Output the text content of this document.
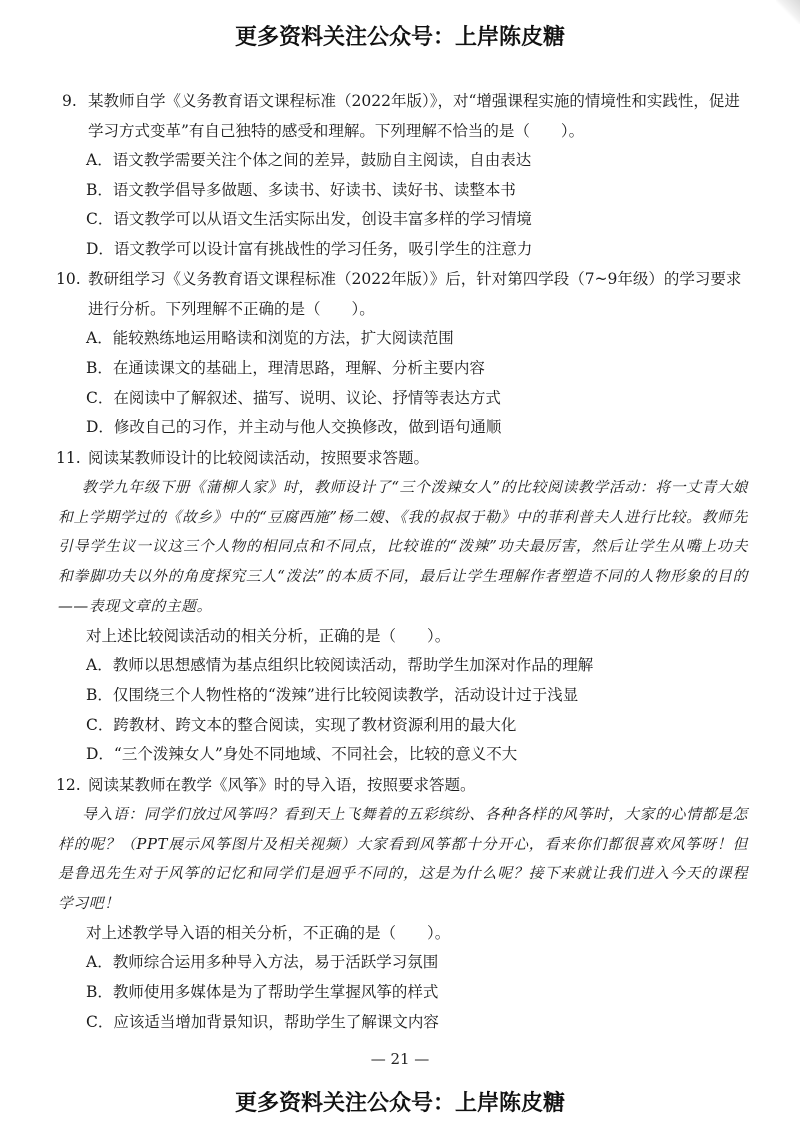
更多资料关注公众号：上岸陈皮糖
9. 某教师自学《义务教育语文课程标准（2022年版）》，对“增强课程实施的情境性和实践性，促进学习方式变革”有自己独特的感受和理解。下列理解不恰当的是（　　）。
A．语文教学需要关注个体之间的差异，鼓励自主阅读，自由表达
B．语文教学倡导多做题、多读书、好读书、读好书、读整本书
C．语文教学可以从语文生活实际出发，创设丰富多样的学习情境
D．语文教学可以设计富有挑战性的学习任务，吸引学生的注意力
10. 教研组学习《义务教育语文课程标准（2022年版）》后，针对第四学段（7~9年级）的学习要求进行分析。下列理解不正确的是（　　）。
A．能较熟练地运用略读和浏览的方法，扩大阅读范围
B．在通读课文的基础上，理清思路，理解、分析主要内容
C．在阅读中了解叙述、描写、说明、议论、抒情等表达方式
D．修改自己的习作，并主动与他人交换修改，做到语句通顺
11. 阅读某教师设计的比较阅读活动，按照要求答题。
教学九年级下册《蒲柳人家》时，教师设计了“三个泼辣女人”的比较阅读教学活动：将一丈青大娘和上学期学过的《故乡》中的“豆腐西施”杨二嫂、《我的叔叔于勒》中的菲利普夫人进行比较。教师先引导学生议一议这三个人物的相同点和不同点，比较谁的“泼辣”功夫最厉害，然后让学生从嘴上功夫和拳脚功夫以外的角度探究三人“泼法”的本质不同，最后让学生理解作者塑造不同的人物形象的目的——表现文章的主题。
对上述比较阅读活动的相关分析，正确的是（　　）。
A．教师以思想感情为基点组织比较阅读活动，帮助学生加深对作品的理解
B．仅围绕三个人物性格的“泼辣”进行比较阅读教学，活动设计过于浅显
C．跨教材、跨文本的整合阅读，实现了教材资源利用的最大化
D．“三个泼辣女人”身处不同地域、不同社会，比较的意义不大
12. 阅读某教师在教学《风筝》时的导入语，按照要求答题。
导入语：同学们放过风筝吗？看到天上飞舞着的五彩缤纷、各种各样的风筝时，大家的心情都是怎样的呢？（PPT展示风筝图片及相关视频）大家看到风筝都十分开心，看来你们都很喜欢风筝呀！但是鲁迅先生对于风筝的记忆和同学们是迥乎不同的，这是为什么呢？接下来就让我们进入今天的课程学习吧！
对上述教学导入语的相关分析，不正确的是（　　）。
A．教师综合运用多种导入方法，易于活跃学习氛围
B．教师使用多媒体是为了帮助学生掌握风筝的样式
C．应该适当增加背景知识，帮助学生了解课文内容
— 21 —
更多资料关注公众号：上岸陈皮糖
